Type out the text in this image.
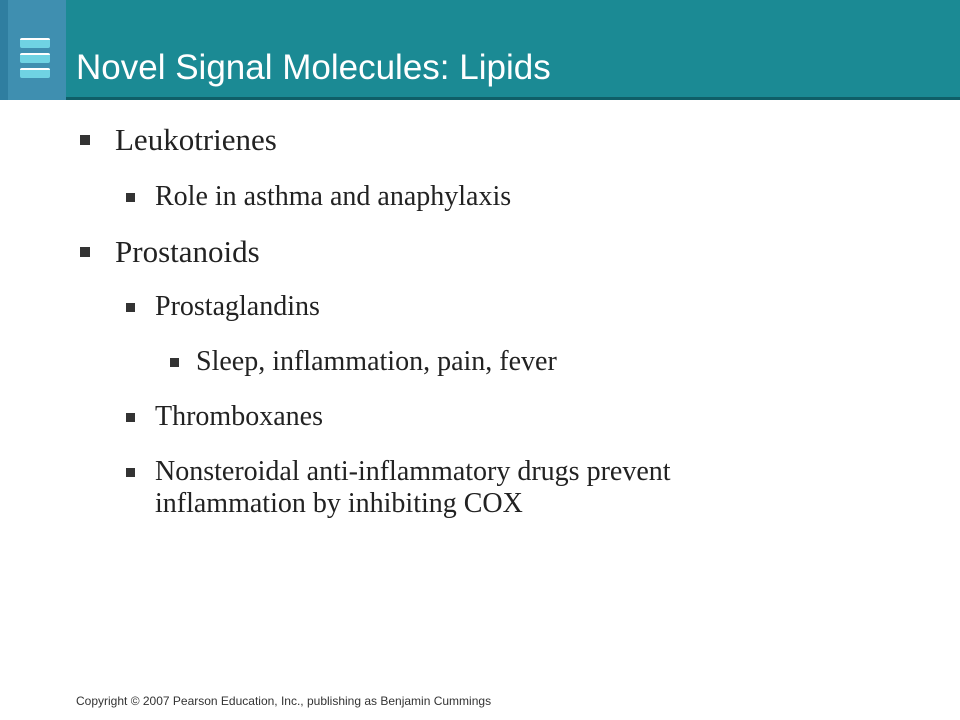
Novel Signal Molecules: Lipids
Leukotrienes
Role in asthma and anaphylaxis
Prostanoids
Prostaglandins
Sleep, inflammation, pain, fever
Thromboxanes
Nonsteroidal anti-inflammatory drugs prevent inflammation by inhibiting COX
Copyright © 2007 Pearson Education, Inc., publishing as Benjamin Cummings
